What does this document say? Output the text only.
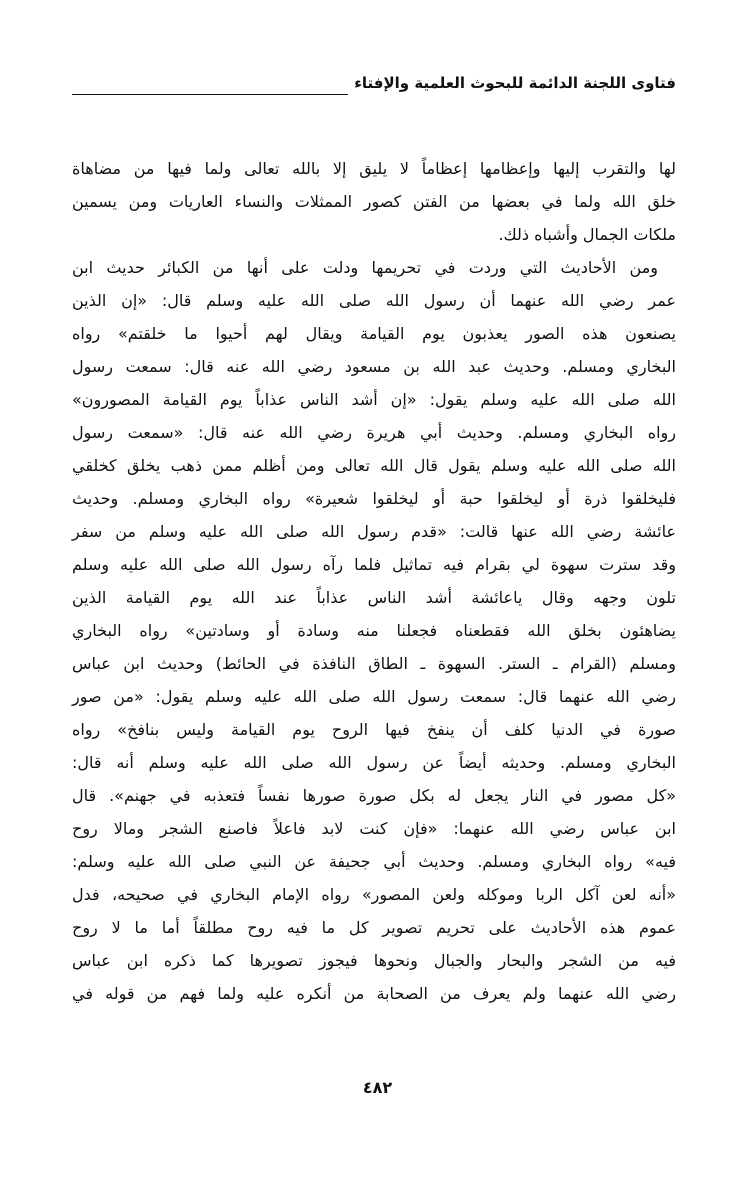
فتاوى اللجنة الدائمة للبحوث العلمية والإفتاء
لها والتقرب إليها وإعظامها إعظاماً لا يليق إلا بالله تعالى ولما فيها من مضاهاة
خلق الله ولما في بعضها من الفتن كصور الممثلات والنساء العاريات ومن يسمين
ملكات الجمال وأشباه ذلك.
ومن الأحاديث التي وردت في تحريمها ودلت على أنها من الكبائر حديث ابن
عمر رضي الله عنهما أن رسول الله صلى الله عليه وسلم قال: «إن الذين
يصنعون هذه الصور يعذبون يوم القيامة ويقال لهم أحيوا ما خلقتم» رواه
البخاري ومسلم. وحديث عبد الله بن مسعود رضي الله عنه قال: سمعت رسول
الله صلى الله عليه وسلم يقول: «إن أشد الناس عذاباً يوم القيامة المصورون»
رواه البخاري ومسلم. وحديث أبي هريرة رضي الله عنه قال: «سمعت رسول
الله صلى الله عليه وسلم يقول قال الله تعالى ومن أظلم ممن ذهب يخلق كخلقي
فليخلقوا ذرة أو ليخلقوا حبة أو ليخلقوا شعيرة» رواه البخاري ومسلم. وحديث
عائشة رضي الله عنها قالت: «قدم رسول الله صلى الله عليه وسلم من سفر
وقد سترت سهوة لي بقرام فيه تماثيل فلما رآه رسول الله صلى الله عليه وسلم
تلون وجهه وقال ياعائشة أشد الناس عذاباً عند الله يوم القيامة الذين
يضاهئون بخلق الله فقطعناه فجعلنا منه وسادة أو وسادتين» رواه البخاري
ومسلم (القرام ـ الستر. السهوة ـ الطاق النافذة في الحائط) وحديث ابن عباس
رضي الله عنهما قال: سمعت رسول الله صلى الله عليه وسلم يقول: «من صور
صورة في الدنيا كلف أن ينفخ فيها الروح يوم القيامة وليس بنافخ» رواه
البخاري ومسلم. وحديثه أيضاً عن رسول الله صلى الله عليه وسلم أنه قال:
«كل مصور في النار يجعل له بكل صورة صورها نفساً فتعذبه في جهنم». قال
ابن عباس رضي الله عنهما: «فإن كنت لابد فاعلاً فاصنع الشجر ومالا روح
فيه» رواه البخاري ومسلم. وحديث أبي جحيفة عن النبي صلى الله عليه وسلم:
«أنه لعن آكل الربا وموكله ولعن المصور» رواه الإمام البخاري في صحيحه، فدل
عموم هذه الأحاديث على تحريم تصوير كل ما فيه روح مطلقاً أما ما لا روح
فيه من الشجر والبحار والجبال ونحوها فيجوز تصويرها كما ذكره ابن عباس
رضي الله عنهما ولم يعرف من الصحابة من أنكره عليه ولما فهم من قوله في
٤٨٢
